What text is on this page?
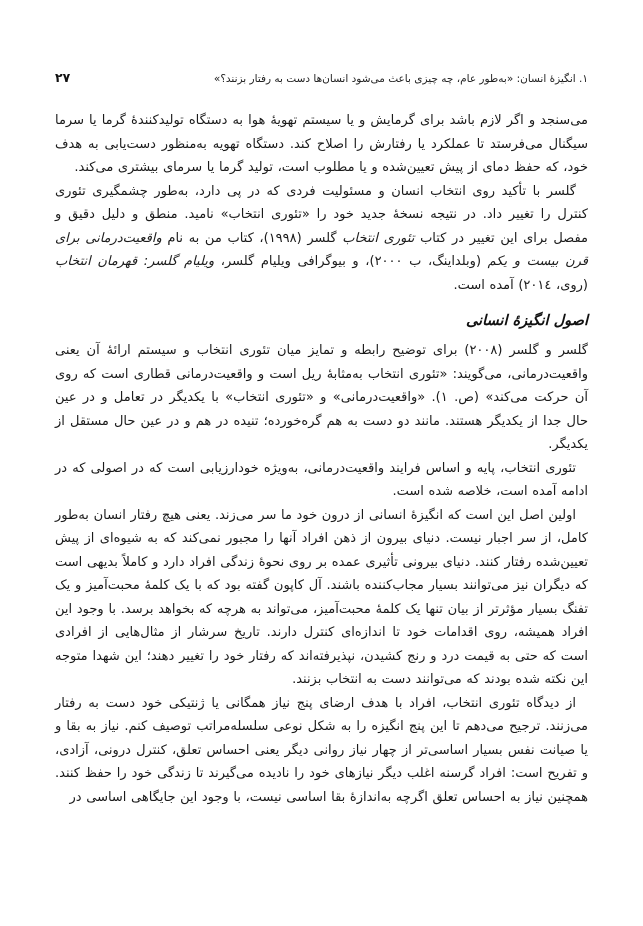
۱. انگیزهٔ انسان: «به‌طور عام، چه چیزی باعث می‌شود انسان‌ها دست به رفتار بزنند؟»
۲۷

می‌سنجد و اگر لازم باشد برای گرمایش و یا سیستم تهویهٔ هوا به دستگاه تولیدکنندهٔ گرما یا سرما سیگنال می‌فرستد تا عملکرد یا رفتارش را اصلاح کند. دستگاه تهویه به‌منظور دست‌یابی به هدف خود، که حفظ دمای از پیش تعیین‌شده و یا مطلوب است، تولید گرما یا سرمای بیشتری می‌کند.

گلسر با تأکید روی انتخاب انسان و مسئولیت فردی که در پی دارد، به‌طور چشمگیری تئوری کنترل را تغییر داد. در نتیجه نسخهٔ جدید خود را «تئوری انتخاب» نامید. منطق و دلیل دقیق و مفصل برای این تغییر در کتاب تئوری انتخاب گلسر (۱۹۹۸)، کتاب من به نام واقعیت‌درمانی برای قرن بیست و یکم (وبلداینگ، ب ۲۰۰۰)، و بیوگرافی ویلیام گلسر، ویلیام گلسر: قهرمان انتخاب (روی، ۲۰۱٤) آمده است.

اصول انگیزهٔ انسانی

گلسر و گلسر (۲۰۰۸) برای توضیح رابطه و تمایز میان تئوری انتخاب و سیستم ارائهٔ آن یعنی واقعیت‌درمانی، می‌گویند: «تئوری انتخاب به‌مثابهٔ ریل است و واقعیت‌درمانی قطاری است که روی آن حرکت می‌کند» (ص. ۱). «واقعیت‌درمانی» و «تئوری انتخاب» با یکدیگر در تعامل و در عین حال جدا از یکدیگر هستند. مانند دو دست به هم گره‌خورده؛ تنیده در هم و در عین حال مستقل از یکدیگر.

تئوری انتخاب، پایه و اساس فرایند واقعیت‌درمانی، به‌ویژه خودارزیابی است که در اصولی که در ادامه آمده است، خلاصه شده است.

اولین اصل این است که انگیزهٔ انسانی از درون خود ما سر می‌زند. یعنی هیچ رفتار انسان به‌طور کامل، از سر اجبار نیست. دنیای بیرون از ذهن افراد آنها را مجبور نمی‌کند که به شیوه‌ای از پیش تعیین‌شده رفتار کنند. دنیای بیرونی تأثیری عمده بر روی نحوهٔ زندگی افراد دارد و کاملاً بدیهی است که دیگران نیز می‌توانند بسیار مجاب‌کننده باشند. آل کاپون گفته بود که با یک کلمهٔ محبت‌آمیز و یک تفنگ بسیار مؤثرتر از بیان تنها یک کلمهٔ محبت‌آمیز، می‌تواند به هرچه که بخواهد برسد. با وجود این افراد همیشه، روی اقدامات خود تا اندازه‌ای کنترل دارند. تاریخ سرشار از مثال‌هایی از افرادی است که حتی به قیمت درد و رنج کشیدن، نپذیرفته‌اند که رفتار خود را تغییر دهند؛ این شهدا متوجه این نکته شده بودند که می‌توانند دست به انتخاب بزنند.

از دیدگاه تئوری انتخاب، افراد با هدف ارضای پنج نیاز همگانی یا ژنتیکی خود دست به رفتار می‌زنند. ترجیح می‌دهم تا این پنج انگیزه را به شکل نوعی سلسله‌مراتب توصیف کنم. نیاز به بقا و یا صیانت نفس بسیار اساسی‌تر از چهار نیاز روانی دیگر یعنی احساس تعلق، کنترل درونی، آزادی، و تفریح است: افراد گرسنه اغلب دیگر نیازهای خود را نادیده می‌گیرند تا زندگی خود را حفظ کنند. همچنین نیاز به احساس تعلق اگرچه به‌اندازهٔ بقا اساسی نیست، با وجود این جایگاهی اساسی در
